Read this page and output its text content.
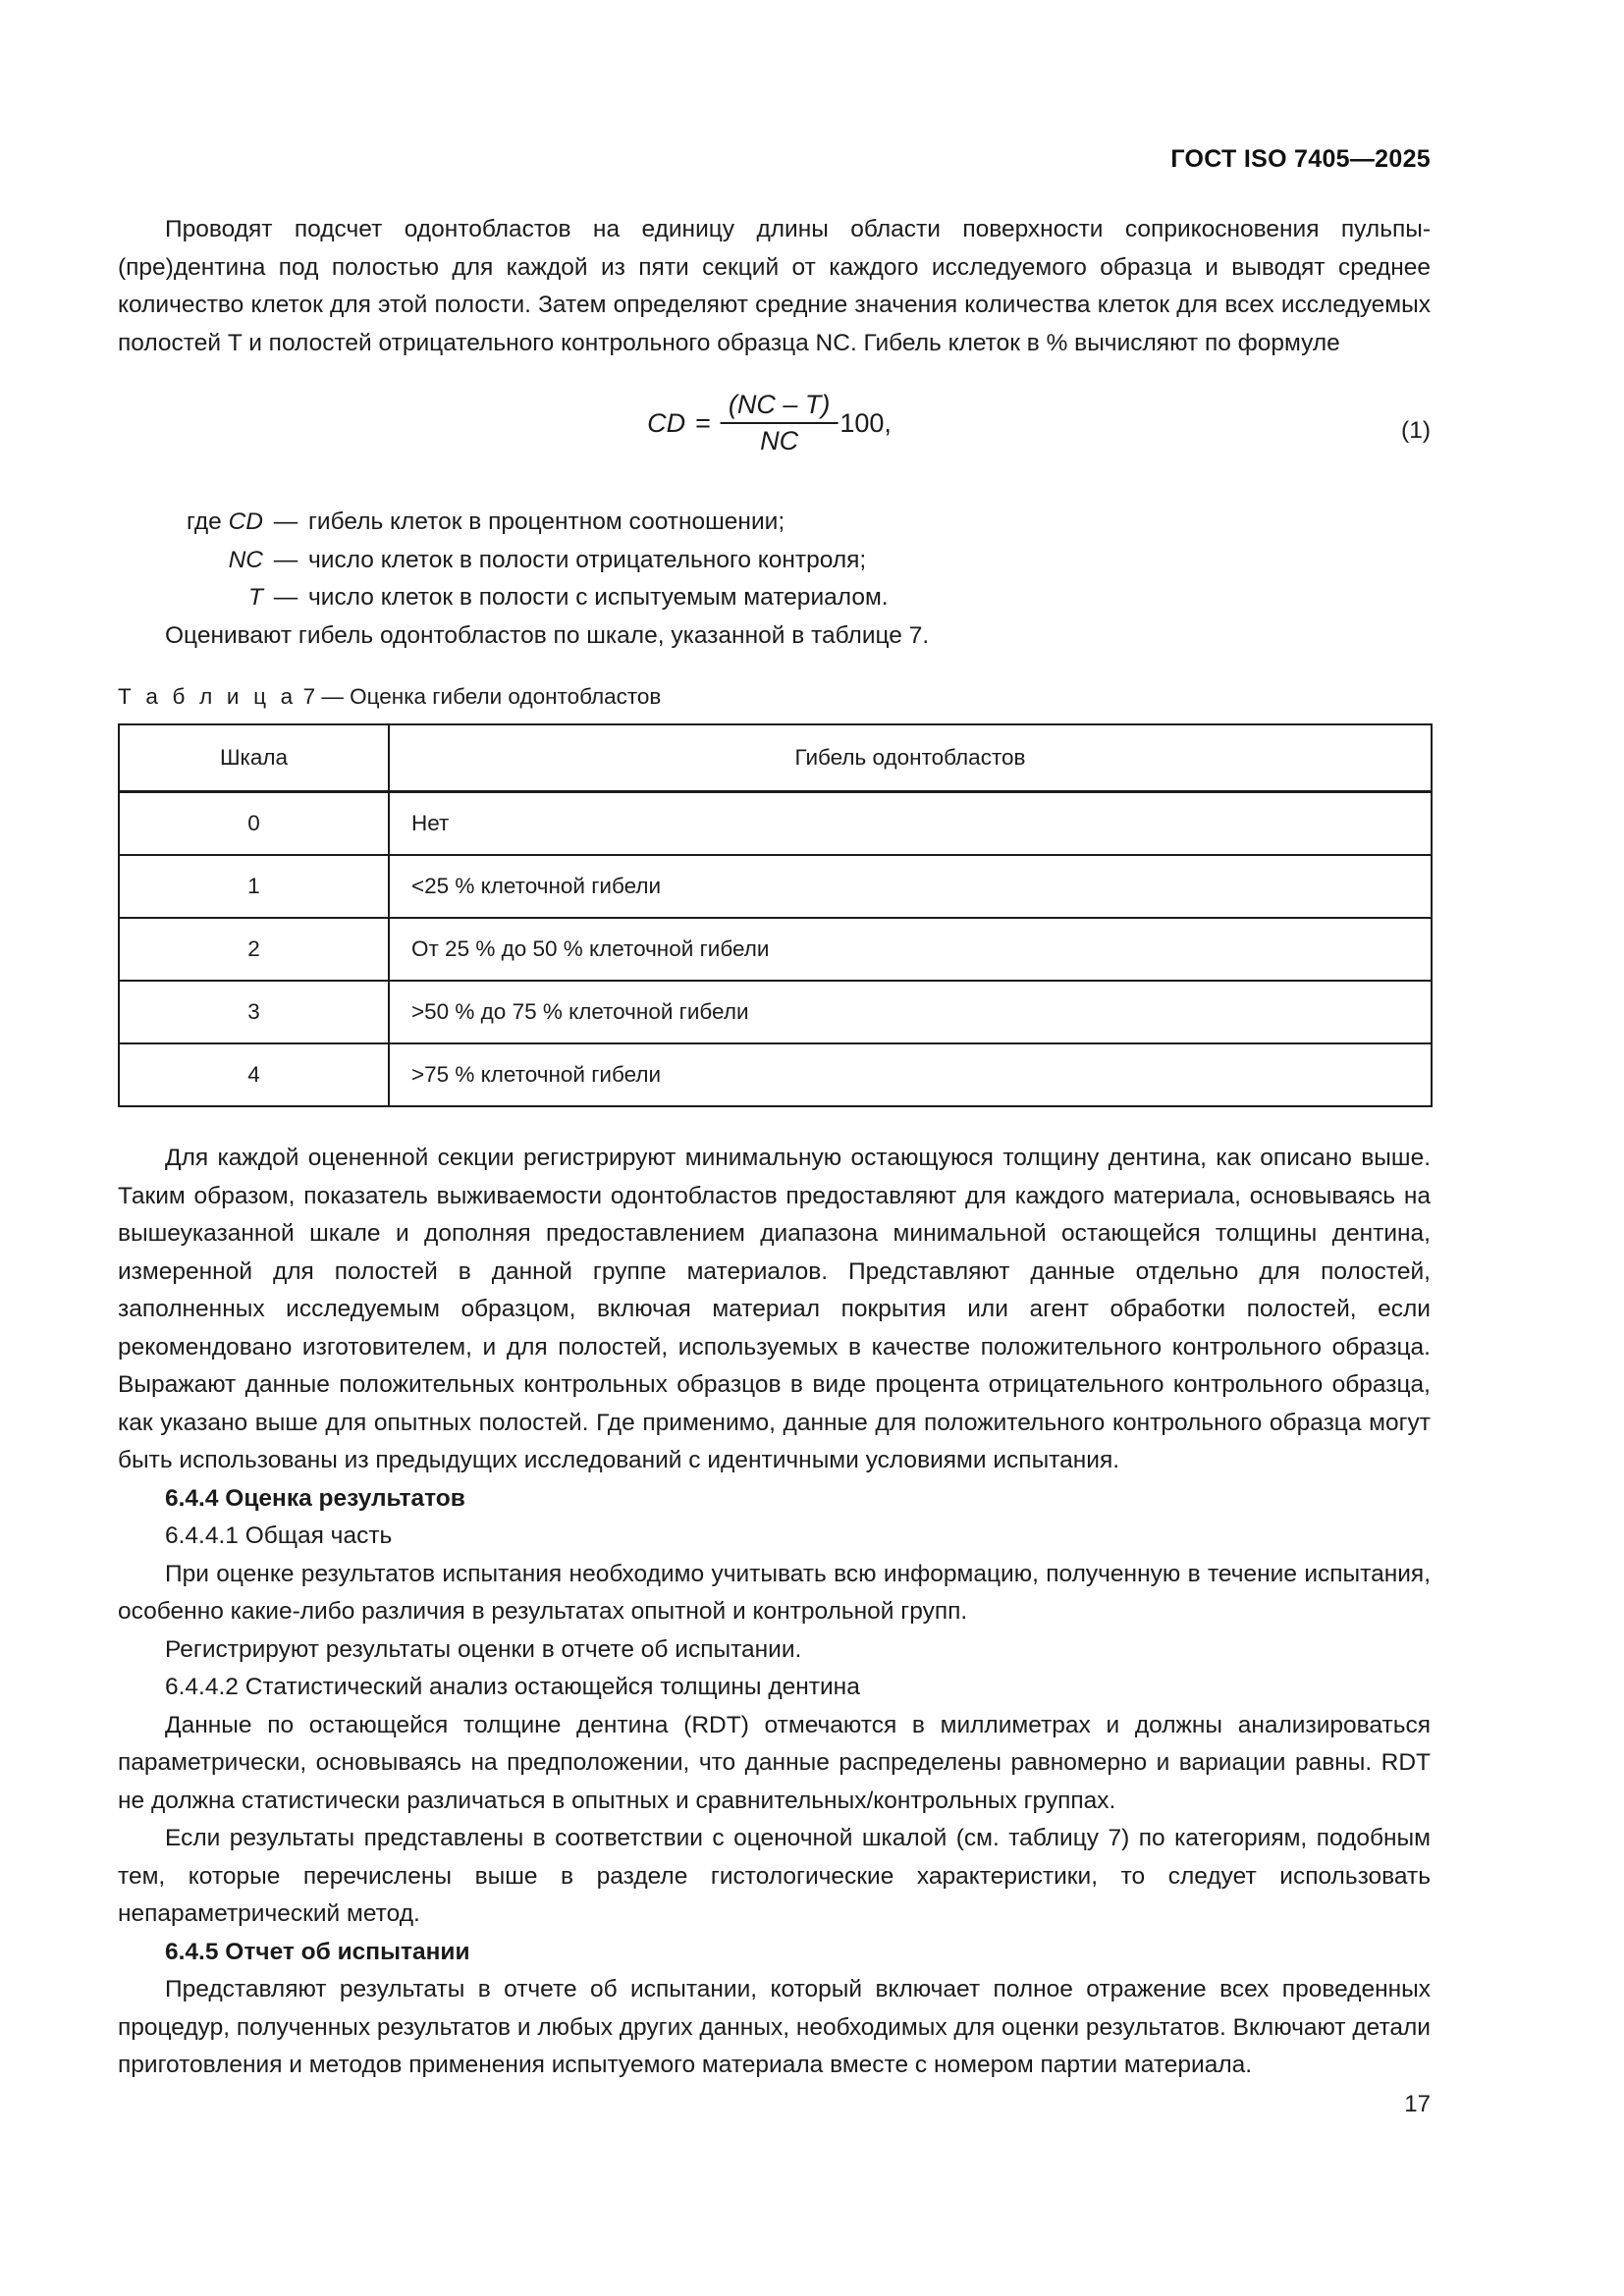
ГОСТ ISO 7405—2025

Проводят подсчет одонтобластов на единицу длины области поверхности соприкосновения пульпы-(пре)дентина под полостью для каждой из пяти секций от каждого исследуемого образца и выводят среднее количество клеток для этой полости. Затем определяют средние значения количества клеток для всех исследуемых полостей T и полостей отрицательного контрольного образца NC. Гибель клеток в % вычисляют по формуле

CD = $\frac{(NC - T)}{NC} 100$,	(1)
где CD — гибель клеток в процентном соотношении;
NC — число клеток в полости отрицательного контроля;
T — число клеток в полости с испытуемым материалом.

Оценивают гибель одонтобластов по шкале, указанной в таблице 7.

Т а б л и ц а 7 — Оценка гибели одонтобластов
Шкала	Гибель одонтобластов
0	Нет
1	<25 % клеточной гибели
2	От 25 % до 50 % клеточной гибели
3	>50 % до 75 % клеточной гибели
4	>75 % клеточной гибели

Для каждой оцененной секции регистрируют минимальную остающуюся толщину дентина, как описано выше. Таким образом, показатель выживаемости одонтобластов предоставляют для каждого материала, основываясь на вышеуказанной шкале и дополняя предоставлением диапазона минимальной остающейся толщины дентина, измеренной для полостей в данной группе материалов. Представляют данные отдельно для полостей, заполненных исследуемым образцом, включая материал покрытия или агент обработки полостей, если рекомендовано изготовителем, и для полостей, используемых в качестве положительного контрольного образца. Выражают данные положительных контрольных образцов в виде процента отрицательного контрольного образца, как указано выше для опытных полостей. Где применимо, данные для положительного контрольного образца могут быть использованы из предыдущих исследований с идентичными условиями испытания.

6.4.4 Оценка результатов
6.4.4.1 Общая часть

При оценке результатов испытания необходимо учитывать всю информацию, полученную в течение испытания, особенно какие-либо различия в результатах опытной и контрольной групп.

Регистрируют результаты оценки в отчете об испытании.

6.4.4.2 Статистический анализ остающейся толщины дентина

Данные по остающейся толщине дентина (RDT) отмечаются в миллиметрах и должны анализироваться параметрически, основываясь на предположении, что данные распределены равномерно и вариации равны. RDT не должна статистически различаться в опытных и сравнительных/контрольных группах.

Если результаты представлены в соответствии с оценочной шкалой (см. таблицу 7) по категориям, подобным тем, которые перечислены выше в разделе гистологические характеристики, то следует использовать непараметрический метод.

6.4.5 Отчет об испытании

Представляют результаты в отчете об испытании, который включает полное отражение всех проведенных процедур, полученных результатов и любых других данных, необходимых для оценки результатов. Включают детали приготовления и методов применения испытуемого материала вместе с номером партии материала.

17
